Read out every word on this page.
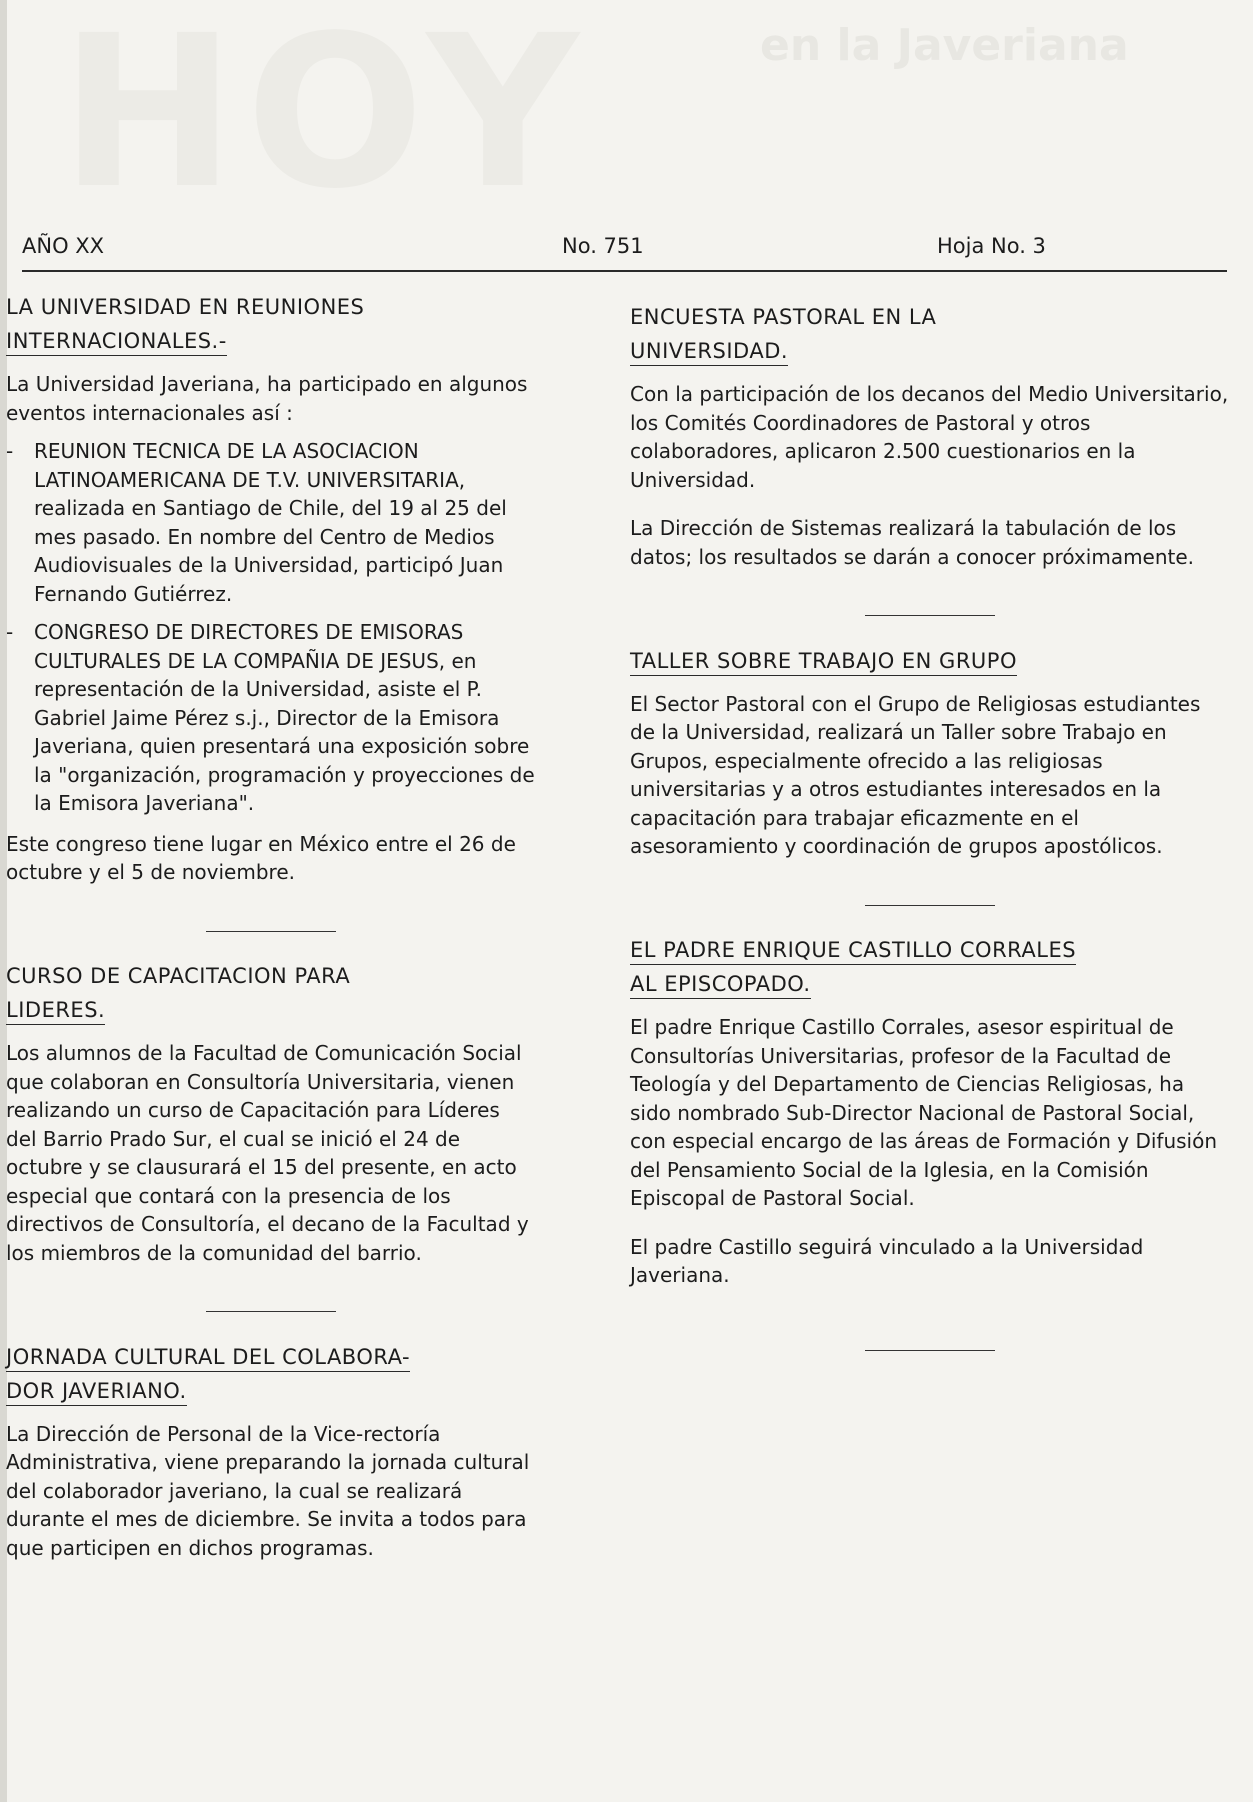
HOY	en la Javeriana
AÑO XX	No. 751	Hoja No. 3
LA UNIVERSIDAD EN REUNIONES
INTERNACIONALES.-

La Universidad Javeriana, ha participado en algunos eventos internacionales así :

- REUNION TECNICA DE LA ASOCIACION LATINOAMERICANA DE T.V. UNIVERSITARIA, realizada en Santiago de Chile, del 19 al 25 del mes pasado. En nombre del Centro de Medios Audiovisuales de la Universidad, participó Juan Fernando Gutiérrez.
- CONGRESO DE DIRECTORES DE EMISORAS CULTURALES DE LA COMPAÑIA DE JESUS, en representación de la Universidad, asiste el P. Gabriel Jaime Pérez s.j., Director de la Emisora Javeriana, quien presentará una exposición sobre la "organización, programación y proyecciones de la Emisora Javeriana".

Este congreso tiene lugar en México entre el 26 de octubre y el 5 de noviembre.

CURSO DE CAPACITACION PARA
LIDERES.

Los alumnos de la Facultad de Comunicación Social que colaboran en Consultoría Universitaria, vienen realizando un curso de Capacitación para Líderes del Barrio Prado Sur, el cual se inició el 24 de octubre y se clausurará el 15 del presente, en acto especial que contará con la presencia de los directivos de Consultoría, el decano de la Facultad y los miembros de la comunidad del barrio.

JORNADA CULTURAL DEL COLABORA-
DOR JAVERIANO.

La Dirección de Personal de la Vice-rectoría Administrativa, viene preparando la jornada cultural del colaborador javeriano, la cual se realizará durante el mes de diciembre. Se invita a todos para que participen en dichos programas.

ENCUESTA PASTORAL EN LA
UNIVERSIDAD.

Con la participación de los decanos del Medio Universitario, los Comités Coordinadores de Pastoral y otros colaboradores, aplicaron 2.500 cuestionarios en la Universidad.

La Dirección de Sistemas realizará la tabulación de los datos; los resultados se darán a conocer próximamente.

TALLER SOBRE TRABAJO EN GRUPO

El Sector Pastoral con el Grupo de Religiosas estudiantes de la Universidad, realizará un Taller sobre Trabajo en Grupos, especialmente ofrecido a las religiosas universitarias y a otros estudiantes interesados en la capacitación para trabajar eficazmente en el asesoramiento y coordinación de grupos apostólicos.

EL PADRE ENRIQUE CASTILLO CORRALES
AL EPISCOPADO.

El padre Enrique Castillo Corrales, asesor espiritual de Consultorías Universitarias, profesor de la Facultad de Teología y del Departamento de Ciencias Religiosas, ha sido nombrado Sub-Director Nacional de Pastoral Social, con especial encargo de las áreas de Formación y Difusión del Pensamiento Social de la Iglesia, en la Comisión Episcopal de Pastoral Social.

El padre Castillo seguirá vinculado a la Universidad Javeriana.
